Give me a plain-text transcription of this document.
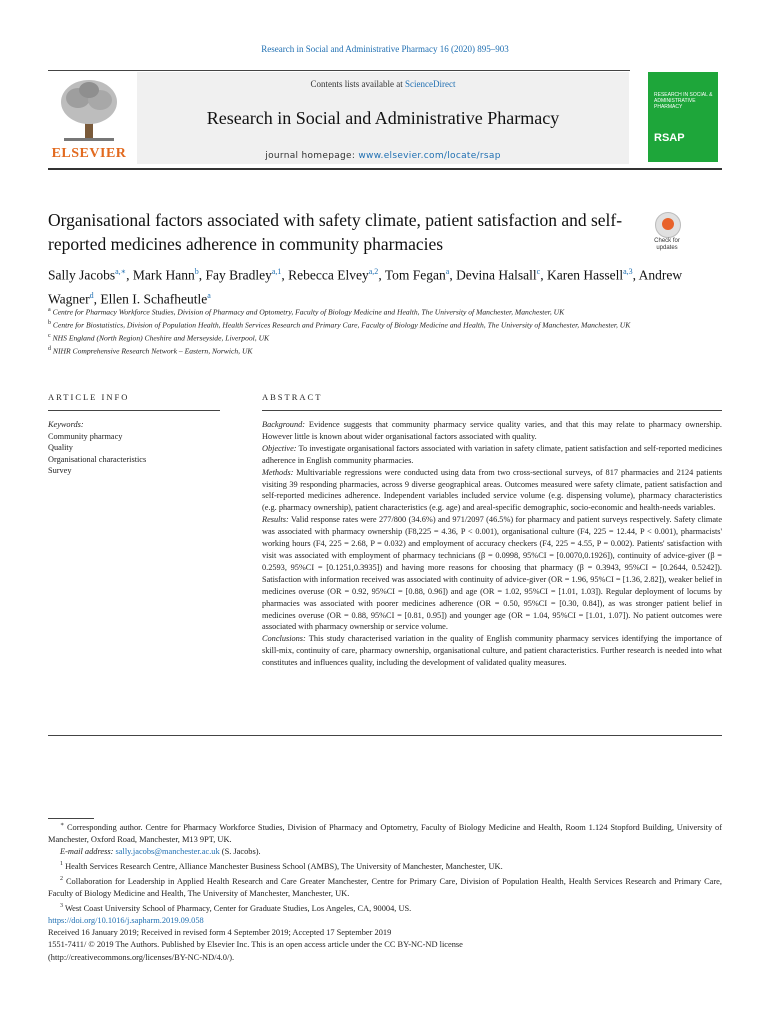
Research in Social and Administrative Pharmacy 16 (2020) 895–903
ELSEVIER
Contents lists available at ScienceDirect
Research in Social and Administrative Pharmacy
journal homepage: www.elsevier.com/locate/rsap
RESEARCH IN SOCIAL & ADMINISTRATIVE PHARMACY
RSAP
Organisational factors associated with safety climate, patient satisfaction and self-reported medicines adherence in community pharmacies	Check for updates
Sally Jacobs$^{a,∗}$, Mark Hann$^b$, Fay Bradley$^{a,1}$, Rebecca Elvey$^{a,2}$, Tom Fegan$^a$, Devina Halsall$^c$, Karen Hassell$^{a,3}$, Andrew Wagner$^d$, Ellen I. Schafheutle$^a$
$^a$ Centre for Pharmacy Workforce Studies, Division of Pharmacy and Optometry, Faculty of Biology Medicine and Health, The University of Manchester, Manchester, UK
$^b$ Centre for Biostatistics, Division of Population Health, Health Services Research and Primary Care, Faculty of Biology Medicine and Health, The University of Manchester, Manchester, UK
$^c$ NHS England (North Region) Cheshire and Merseyside, Liverpool, UK
$^d$ NIHR Comprehensive Research Network – Eastern, Norwich, UK
ARTICLE INFO	ABSTRACT
Keywords:
Community pharmacy
Quality
Organisational characteristics
Survey

Background: Evidence suggests that community pharmacy service quality varies, and that this may relate to pharmacy ownership. However little is known about wider organisational factors associated with quality.

Objective: To investigate organisational factors associated with variation in safety climate, patient satisfaction and self-reported medicines adherence in English community pharmacies.

Methods: Multivariable regressions were conducted using data from two cross-sectional surveys, of 817 pharmacies and 2124 patients visiting 39 responding pharmacies, across 9 diverse geographical areas. Outcomes measured were safety climate, patient satisfaction and self-reported medicines adherence. Independent variables included service volume (e.g. dispensing volume), pharmacy characteristics (e.g. pharmacy ownership), patient characteristics (e.g. age) and areal-specific demographic, socio-economic and health-needs variables.

Results: Valid response rates were 277/800 (34.6%) and 971/2097 (46.5%) for pharmacy and patient surveys respectively. Safety climate was associated with pharmacy ownership (F8,225 = 4.36, P < 0.001), organisational culture (F4, 225 = 12.44, P < 0.001), pharmacists' working hours (F4, 225 = 2.68, P = 0.032) and employment of accuracy checkers (F4, 225 = 4.55, P = 0.002). Patients' satisfaction with visit was associated with employment of pharmacy technicians (β = 0.0998, 95%CI = [0.0070,0.1926]), continuity of advice-giver (β = 0.2593, 95%CI = [0.1251,0.3935]) and having more reasons for choosing that pharmacy (β = 0.3943, 95%CI = [0.2644, 0.5242]). Satisfaction with information received was associated with continuity of advice-giver (OR = 1.96, 95%CI = [1.36, 2.82]), weaker belief in medicines overuse (OR = 0.92, 95%CI = [0.88, 0.96]) and age (OR = 1.02, 95%CI = [1.01, 1.03]). Regular deployment of locums by pharmacies was associated with poorer medicines adherence (OR = 0.50, 95%CI = [0.30, 0.84]), as was stronger patient belief in medicines overuse (OR = 0.88, 95%CI = [0.81, 0.95]) and younger age (OR = 1.04, 95%CI = [1.01, 1.07]). No patient outcomes were associated with pharmacy ownership or service volume.

Conclusions: This study characterised variation in the quality of English community pharmacy services identifying the importance of skill-mix, continuity of care, pharmacy ownership, organisational culture, and patient characteristics. Further research is needed into what constitutes and influences quality, including the development of validated quality measures.

∗ Corresponding author. Centre for Pharmacy Workforce Studies, Division of Pharmacy and Optometry, Faculty of Biology Medicine and Health, Room 1.124 Stopford Building, University of Manchester, Oxford Road, Manchester, M13 9PT, UK.

E-mail address: sally.jacobs@manchester.ac.uk (S. Jacobs).

$^1$ Health Services Research Centre, Alliance Manchester Business School (AMBS), The University of Manchester, Manchester, UK.

$^2$ Collaboration for Leadership in Applied Health Research and Care Greater Manchester, Centre for Primary Care, Division of Population Health, Health Services Research and Primary Care, Faculty of Biology Medicine and Health, The University of Manchester, Manchester, UK.

$^3$ West Coast University School of Pharmacy, Center for Graduate Studies, Los Angeles, CA, 90004, US.

https://doi.org/10.1016/j.sapharm.2019.09.058

Received 16 January 2019; Received in revised form 4 September 2019; Accepted 17 September 2019

1551-7411/ © 2019 The Authors. Published by Elsevier Inc. This is an open access article under the CC BY-NC-ND license

(http://creativecommons.org/licenses/BY-NC-ND/4.0/).
